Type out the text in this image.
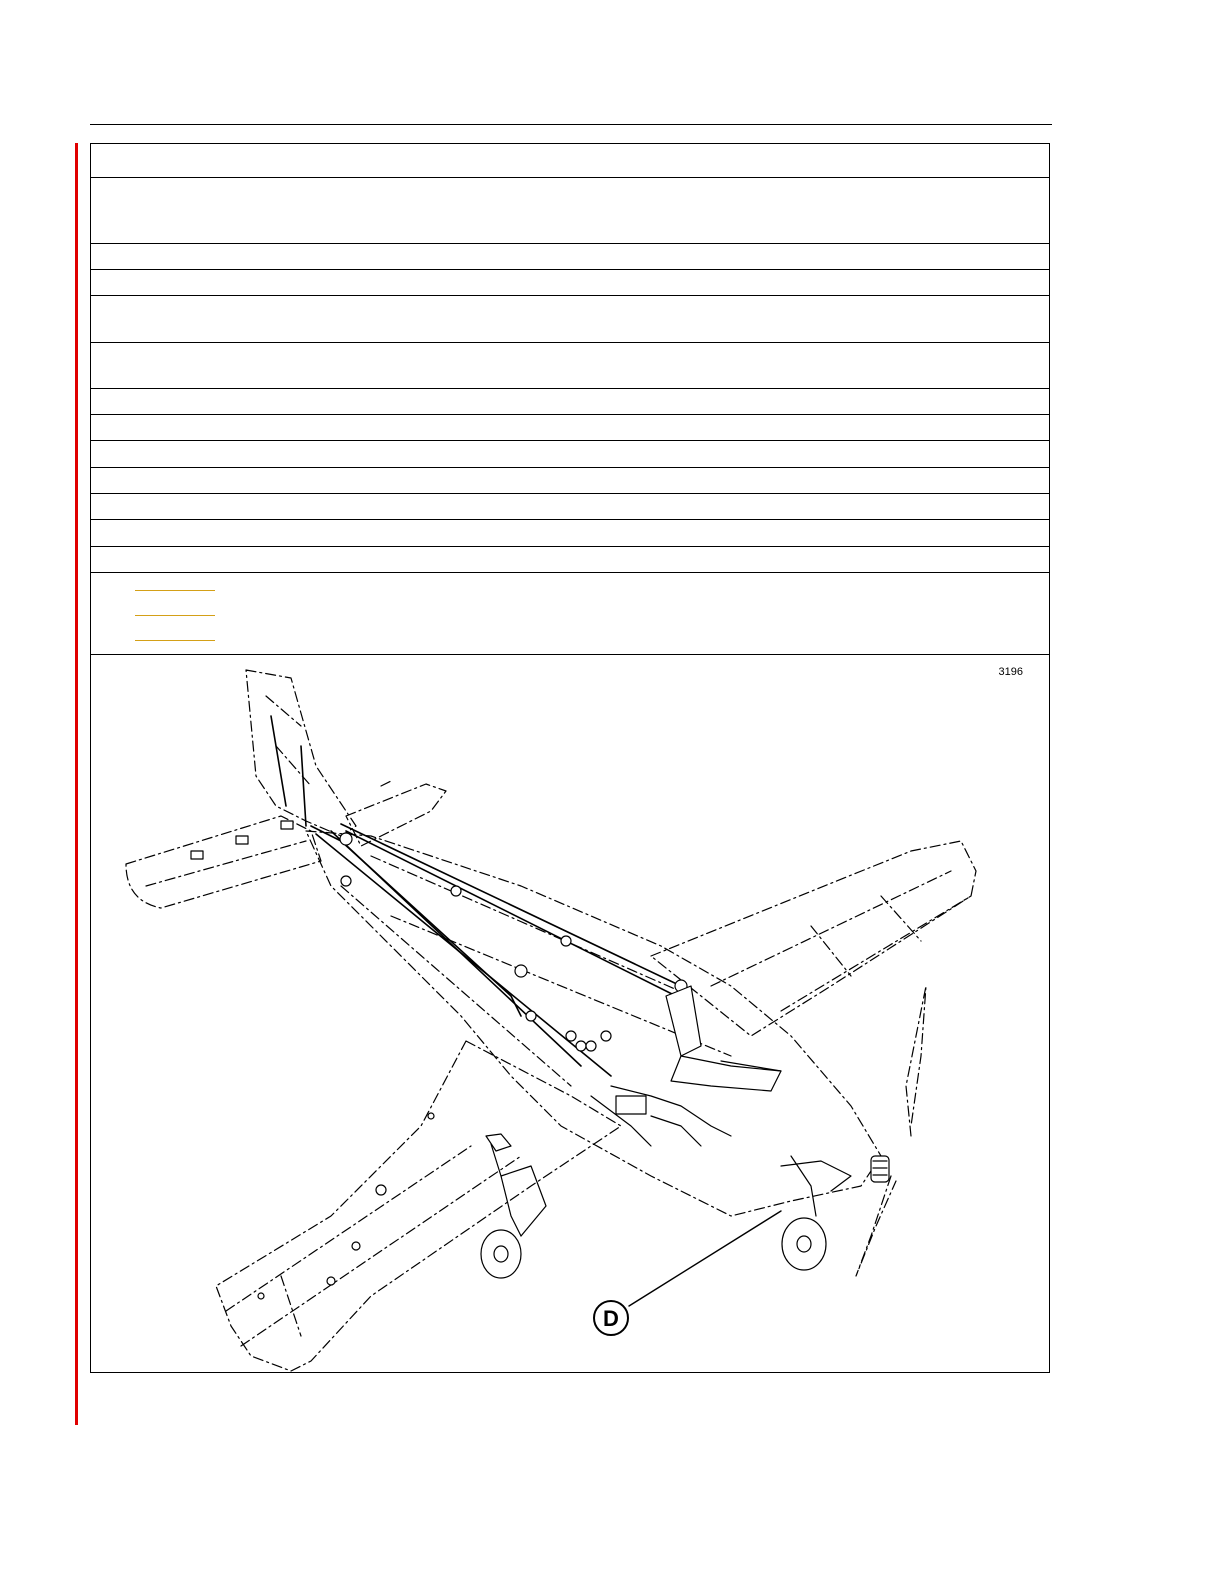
3196
D
